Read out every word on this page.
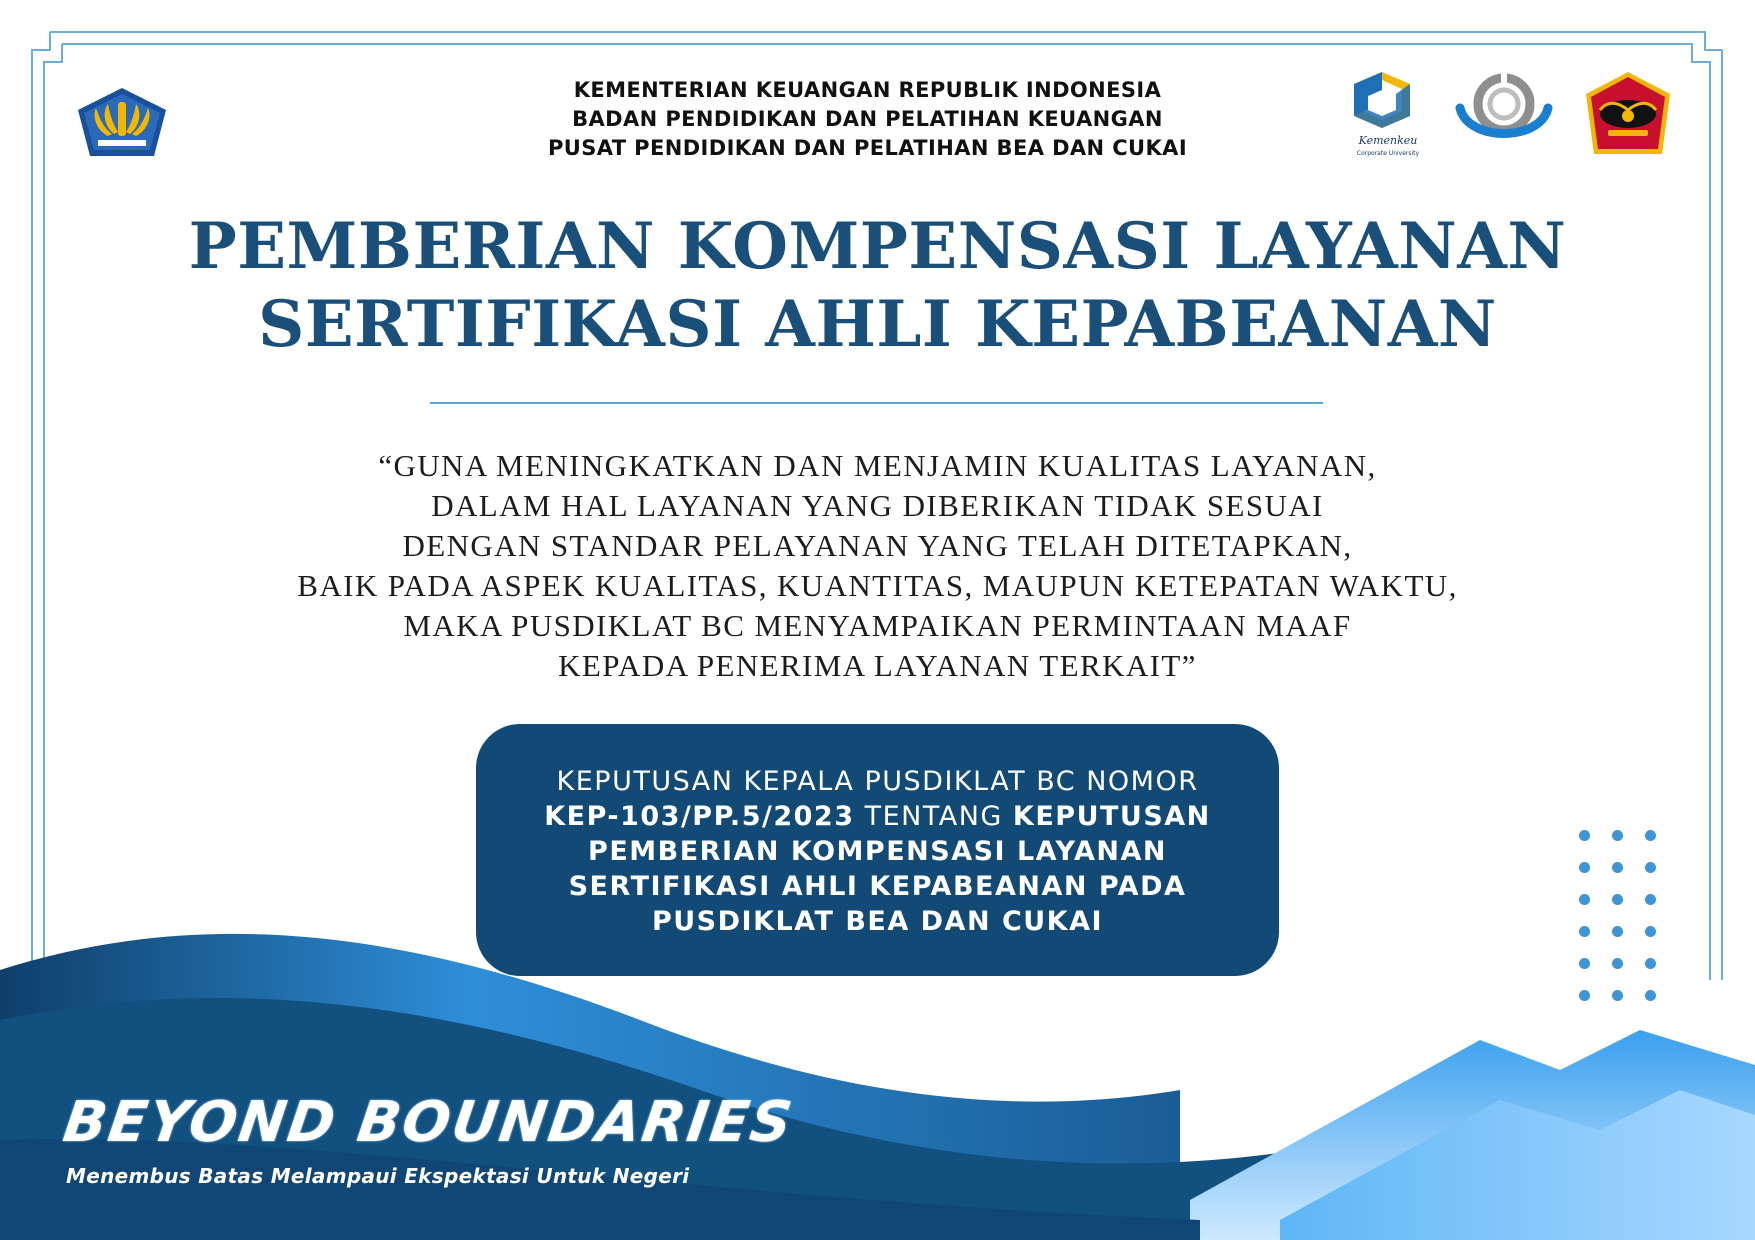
KEMENTERIAN KEUANGAN REPUBLIK INDONESIA
BADAN PENDIDIKAN DAN PELATIHAN KEUANGAN
PUSAT PENDIDIKAN DAN PELATIHAN BEA DAN CUKAI	Kemenkeu
Corporate University
PEMBERIAN KOMPENSASI LAYANAN
SERTIFIKASI AHLI KEPABEANAN
“GUNA MENINGKATKAN DAN MENJAMIN KUALITAS LAYANAN,
DALAM HAL LAYANAN YANG DIBERIKAN TIDAK SESUAI
DENGAN STANDAR PELAYANAN YANG TELAH DITETAPKAN,
BAIK PADA ASPEK KUALITAS, KUANTITAS, MAUPUN KETEPATAN WAKTU,
MAKA PUSDIKLAT BC MENYAMPAIKAN PERMINTAAN MAAF
KEPADA PENERIMA LAYANAN TERKAIT”
KEPUTUSAN KEPALA PUSDIKLAT BC NOMOR
KEP-103/PP.5/2023 TENTANG KEPUTUSAN
PEMBERIAN KOMPENSASI LAYANAN
SERTIFIKASI AHLI KEPABEANAN PADA
PUSDIKLAT BEA DAN CUKAI
BEYOND BOUNDARIES
Menembus Batas Melampaui Ekspektasi Untuk Negeri
